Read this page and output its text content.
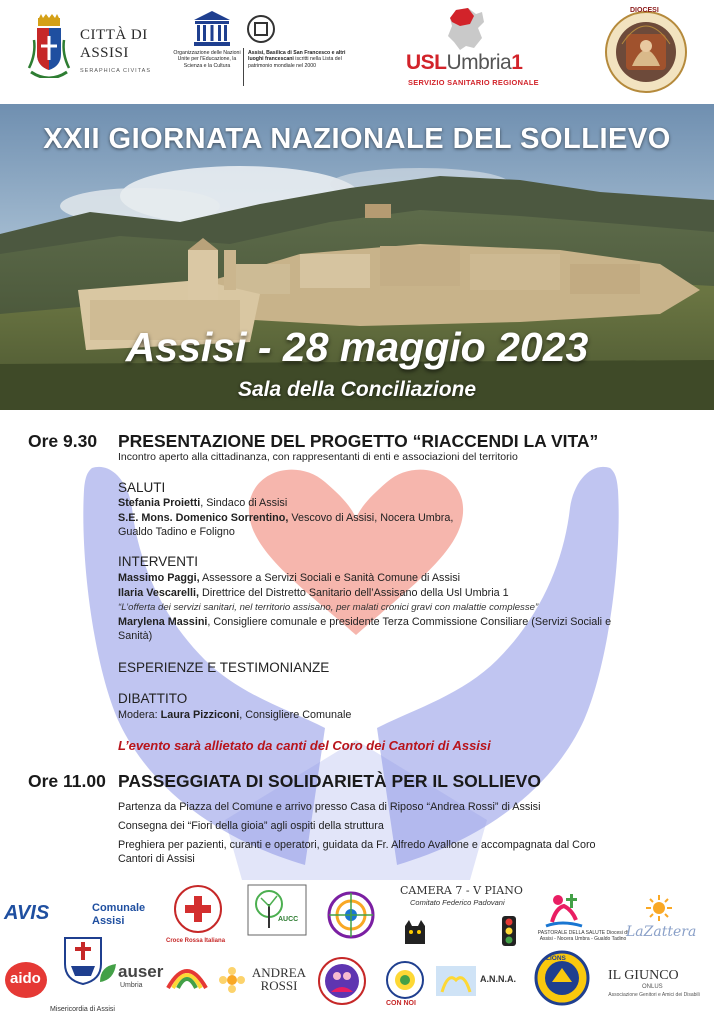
CITTÀ DI ASSISI
SERAPHICA CIVITAS
Organizzazione delle Nazioni Unite per l'Educazione, la Scienza e la Cultura
Assisi, Basilica di San Francesco e altri luoghi francescani iscritti nella Lista del patrimonio mondiale nel 2000	USLUmbria1
SERVIZIO SANITARIO REGIONALE
DIOCESI
XXII GIORNATA NAZIONALE DEL SOLLIEVO
Assisi - 28 maggio 2023
Sala della Conciliazione
Ore 9.30 PRESENTAZIONE DEL PROGETTO “RIACCENDI LA VITA”
Incontro aperto alla cittadinanza, con rappresentanti di enti e associazioni del territorio
SALUTI
Stefania Proietti, Sindaco di Assisi
S.E. Mons. Domenico Sorrentino, Vescovo di Assisi, Nocera Umbra,
Gualdo Tadino e Foligno
INTERVENTI
Massimo Paggi, Assessore a Servizi Sociali e Sanità Comune di Assisi
Ilaria Vescarelli, Direttrice del Distretto Sanitario dell’Assisano della Usl Umbria 1
“L’offerta dei servizi sanitari, nel territorio assisano, per malati cronici gravi con malattie complesse”
Marylena Massini, Consigliere comunale e presidente Terza Commissione Consiliare (Servizi Sociali e
Sanità)
ESPERIENZE E TESTIMONIANZE
DIBATTITO
Modera: Laura Pizziconi, Consigliere Comunale
L’evento sarà allietato da canti del Coro dei Cantori di Assisi
Ore 11.00 PASSEGGIATA DI SOLIDARIETÀ PER IL SOLLIEVO
Partenza da Piazza del Comune e arrivo presso Casa di Riposo “Andrea Rossi” di Assisi
Consegna dei “Fiori della gioia” agli ospiti della struttura
Preghiera per pazienti, curanti e operatori, guidata da Fr. Alfredo Avallone e accompagnata dal Coro
Cantori di Assisi
AVIS	Comunale
Assisi
Croce Rossa Italiana
AUCC
CAMERA 7 - V PIANO
Comitato Federico Padovani
PASTORALE DELLA SALUTE Diocesi di Assisi - Nocera Umbra - Gualdo Tadino LaZattera
aido
Misericordia di Assisi
auser
Umbria
ANDREA ROSSI
CON NOI
A.N.N.A.
LIONS
IL GIUNCO
ONLUS
Associazione Genitori e Amici dei Disabili
